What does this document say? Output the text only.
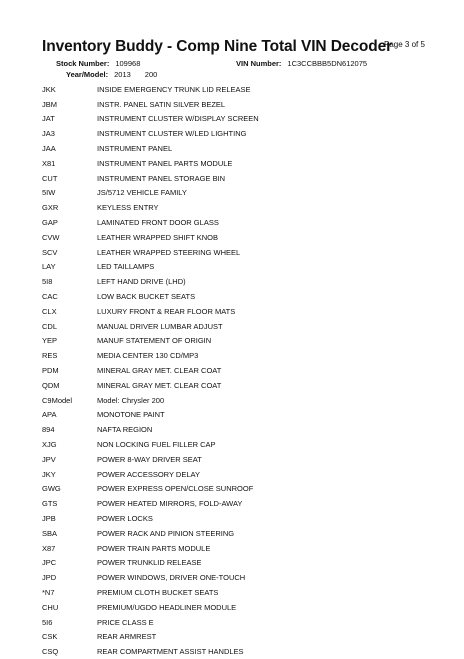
Inventory Buddy - Comp Nine Total VIN Decoder
Page 3 of 5
Stock Number: 109968	VIN Number: 1C3CCBBB5DN612075
Year/Model: 2013 200
JKK	INSIDE EMERGENCY TRUNK LID RELEASE
JBM	INSTR. PANEL SATIN SILVER BEZEL
JAT	INSTRUMENT CLUSTER W/DISPLAY SCREEN
JA3	INSTRUMENT CLUSTER W/LED LIGHTING
JAA	INSTRUMENT PANEL
X81	INSTRUMENT PANEL PARTS MODULE
CUT	INSTRUMENT PANEL STORAGE BIN
5IW	JS/5712 VEHICLE FAMILY
GXR	KEYLESS ENTRY
GAP	LAMINATED FRONT DOOR GLASS
CVW	LEATHER WRAPPED SHIFT KNOB
SCV	LEATHER WRAPPED STEERING WHEEL
LAY	LED TAILLAMPS
5I8	LEFT HAND DRIVE (LHD)
CAC	LOW BACK BUCKET SEATS
CLX	LUXURY FRONT & REAR FLOOR MATS
CDL	MANUAL DRIVER LUMBAR ADJUST
YEP	MANUF STATEMENT OF ORIGIN
RES	MEDIA CENTER 130 CD/MP3
PDM	MINERAL GRAY MET. CLEAR COAT
QDM	MINERAL GRAY MET. CLEAR COAT
C9Model	Model: Chrysler 200
APA	MONOTONE PAINT
894	NAFTA REGION
XJG	NON LOCKING FUEL FILLER CAP
JPV	POWER 8-WAY DRIVER SEAT
JKY	POWER ACCESSORY DELAY
GWG	POWER EXPRESS OPEN/CLOSE SUNROOF
GTS	POWER HEATED MIRRORS, FOLD-AWAY
JPB	POWER LOCKS
SBA	POWER RACK AND PINION STEERING
X87	POWER TRAIN PARTS MODULE
JPC	POWER TRUNKLID RELEASE
JPD	POWER WINDOWS, DRIVER ONE-TOUCH
*N7	PREMIUM CLOTH BUCKET SEATS
CHU	PREMIUM/UGDO HEADLINER MODULE
5I6	PRICE CLASS E
CSK	REAR ARMREST
CSQ	REAR COMPARTMENT ASSIST HANDLES
